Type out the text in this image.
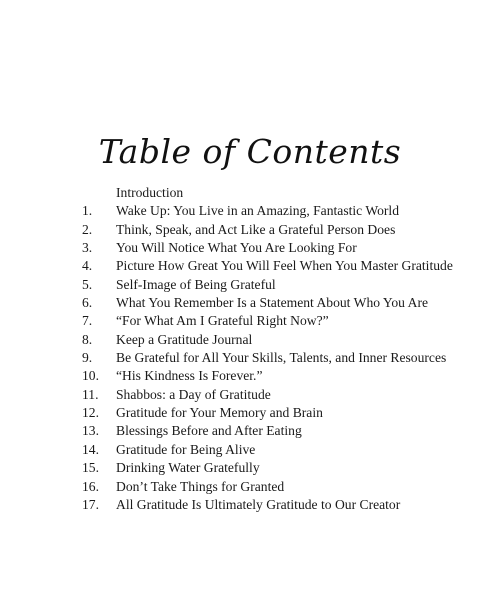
Table of Contents
Introduction
1.	Wake Up: You Live in an Amazing, Fantastic World
2.	Think, Speak, and Act Like a Grateful Person Does
3.	You Will Notice What You Are Looking For
4.	Picture How Great You Will Feel When You Master Gratitude
5.	Self-Image of Being Grateful
6.	What You Remember Is a Statement About Who You Are
7.	“For What Am I Grateful Right Now?”
8.	Keep a Gratitude Journal
9.	Be Grateful for All Your Skills, Talents, and Inner Resources
10.	“His Kindness Is Forever.”
11.	Shabbos: a Day of Gratitude
12.	Gratitude for Your Memory and Brain
13.	Blessings Before and After Eating
14.	Gratitude for Being Alive
15.	Drinking Water Gratefully
16.	Don’t Take Things for Granted
17.	All Gratitude Is Ultimately Gratitude to Our Creator
